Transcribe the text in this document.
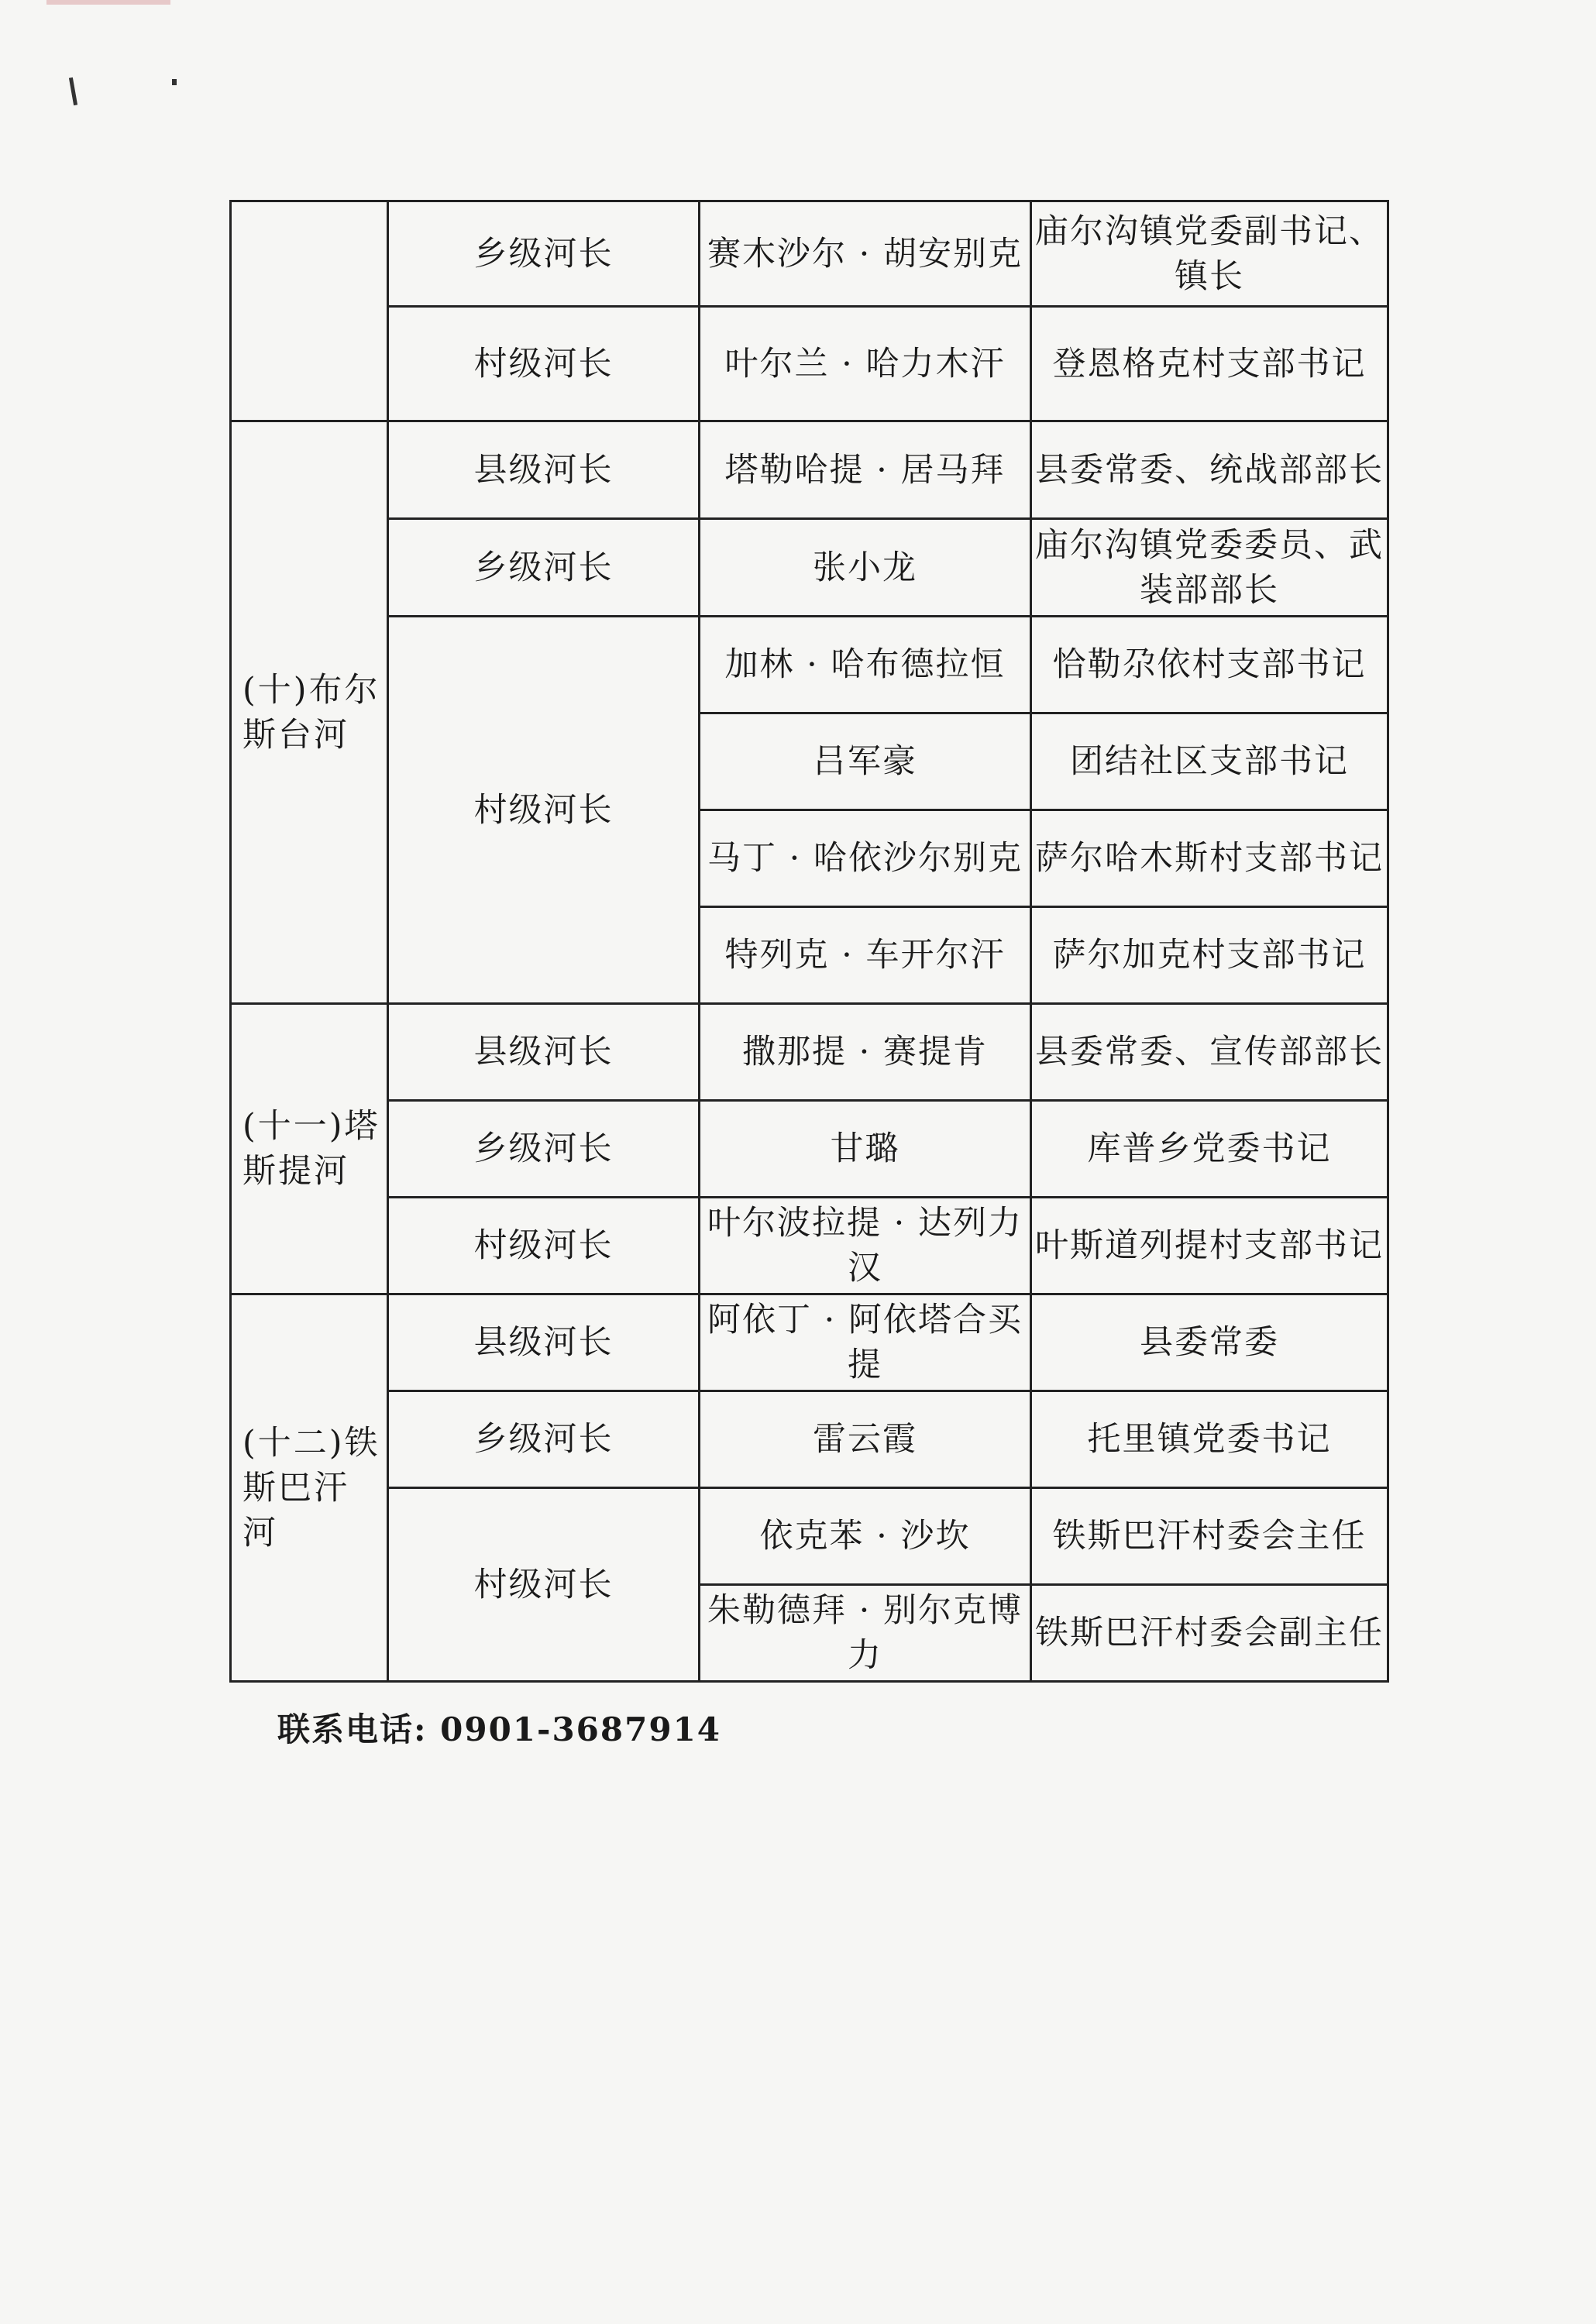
	乡级河长	赛木沙尔 · 胡安别克	庙尔沟镇党委副书记、镇长
	村级河长	叶尔兰 · 哈力木汗	登恩格克村支部书记
(十)布尔斯台河	县级河长	塔勒哈提 · 居马拜	县委常委、统战部部长
	乡级河长	张小龙	庙尔沟镇党委委员、武装部部长
	村级河长	加林 · 哈布德拉恒	恰勒尕依村支部书记
		吕军豪	团结社区支部书记
		马丁 · 哈依沙尔别克	萨尔哈木斯村支部书记
		特列克 · 车开尔汗	萨尔加克村支部书记
(十一)塔斯提河	县级河长	撒那提 · 赛提肯	县委常委、宣传部部长
	乡级河长	甘璐	库普乡党委书记
	村级河长	叶尔波拉提 · 达列力汉	叶斯道列提村支部书记
(十二)铁斯巴汗河	县级河长	阿依丁 · 阿依塔合买提	县委常委
	乡级河长	雷云霞	托里镇党委书记
	村级河长	依克苯 · 沙坎	铁斯巴汗村委会主任
		朱勒德拜 · 别尔克博力	铁斯巴汗村委会副主任
联系电话: 0901-3687914
